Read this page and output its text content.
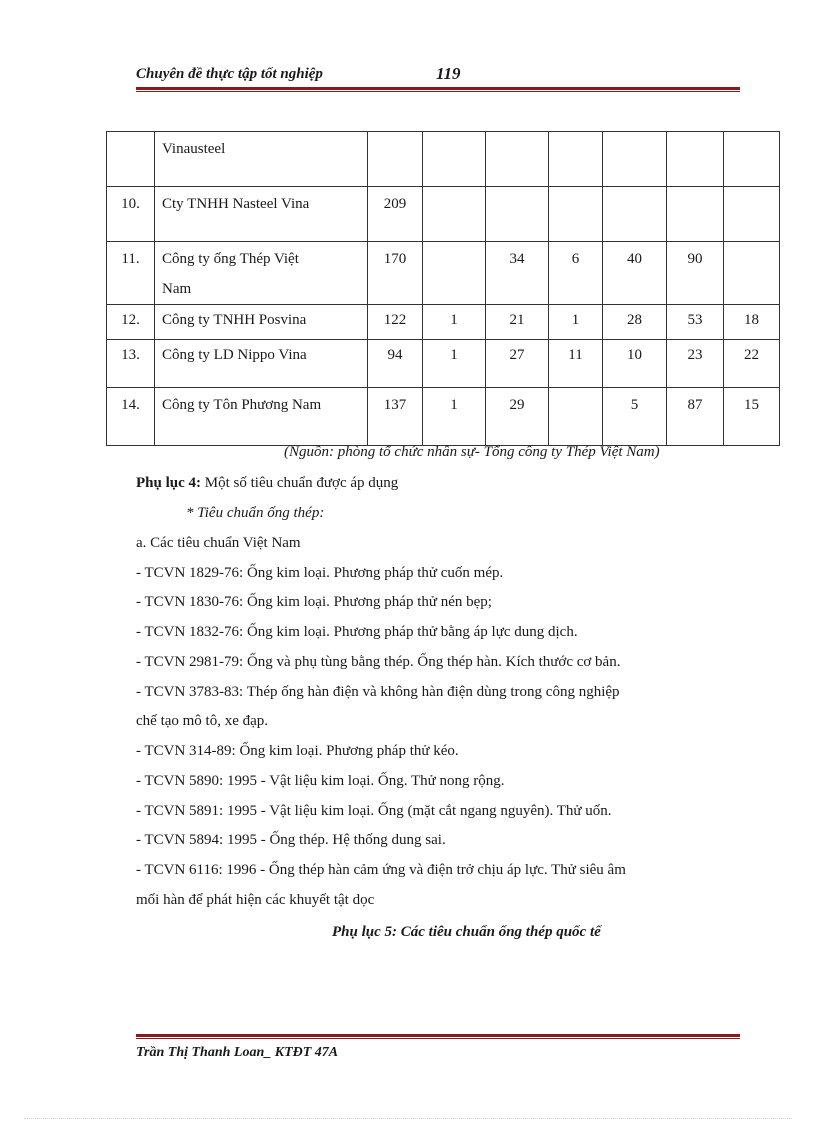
Chuyên đề thực tập tốt nghiệp	119
	Vinausteel							
10.	Cty TNHH Nasteel Vina	209						
11.	Công ty ống Thép Việt
Nam	170		34	6	40	90	
12.	Công ty TNHH Posvina	122	1	21	1	28	53	18
13.	Công ty LD Nippo Vina	94	1	27	11	10	23	22
14.	Công ty Tôn Phương Nam	137	1	29		5	87	15
(Nguồn: phòng tổ chức nhân sự- Tổng công ty Thép Việt Nam)
Phụ lục 4: Một số tiêu chuẩn được áp dụng
* Tiêu chuẩn ống thép:
a. Các tiêu chuẩn Việt Nam
- TCVN 1829-76: Ống kim loại. Phương pháp thử cuốn mép.
- TCVN 1830-76: Ống kim loại. Phương pháp thử nén bẹp;
- TCVN 1832-76: Ống kim loại. Phương pháp thử bằng áp lực dung dịch.
- TCVN 2981-79: Ống và phụ tùng bằng thép. Ống thép hàn. Kích thước cơ bản.
- TCVN 3783-83: Thép ống hàn điện và không hàn điện dùng trong công nghiệp
chế tạo mô tô, xe đạp.
- TCVN 314-89: Ống kim loại. Phương pháp thử kéo.
- TCVN 5890: 1995 - Vật liệu kim loại. Ống. Thử nong rộng.
- TCVN 5891: 1995 - Vật liệu kim loại. Ống (mặt cắt ngang nguyên). Thử uốn.
- TCVN 5894: 1995 - Ống thép. Hệ thống dung sai.
- TCVN 6116: 1996 - Ống thép hàn cảm ứng và điện trở chịu áp lực. Thử siêu âm
mối hàn để phát hiện các khuyết tật dọc
Phụ lục 5: Các tiêu chuẩn ống thép quốc tế
Trần Thị Thanh Loan_ KTĐT 47A
